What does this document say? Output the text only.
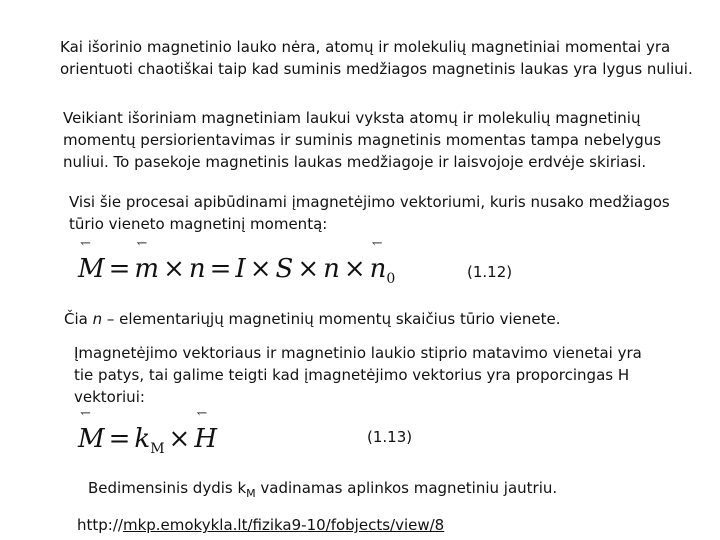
Kai išorinio magnetinio lauko nėra, atomų ir molekulių magnetiniai momentai yra
orientuoti chaotiškai taip kad suminis medžiagos magnetinis laukas yra lygus nuliui.
Veikiant išoriniam magnetiniam laukui vyksta atomų ir molekulių magnetinių
momentų persiorientavimas ir suminis magnetinis momentas tampa nebelygus
nuliui. To pasekoje magnetinis laukas medžiagoje ir laisvojoje erdvėje skiriasi.
Visi šie procesai apibūdinami įmagnetėjimo vektoriumi, kuris nusako medžiagos
tūrio vieneto magnetinį momentą:
↽ M = ↽ m × n = I × S × n × ↽ $n_0$	(1.12)
Čia n – elementariųjų magnetinių momentų skaičius tūrio vienete.
Įmagnetėjimo vektoriaus ir magnetinio laukio stiprio matavimo vienetai yra
tie patys, tai galime teigti kad įmagnetėjimo vektorius yra proporcingas H
vektoriui:
↽ $M = k_M$ × ↽ H	(1.13)
Bedimensinis dydis $k_M$ vadinamas aplinkos magnetiniu jautriu.
http://mkp.emokykla.lt/fizika9-10/fobjects/view/8
